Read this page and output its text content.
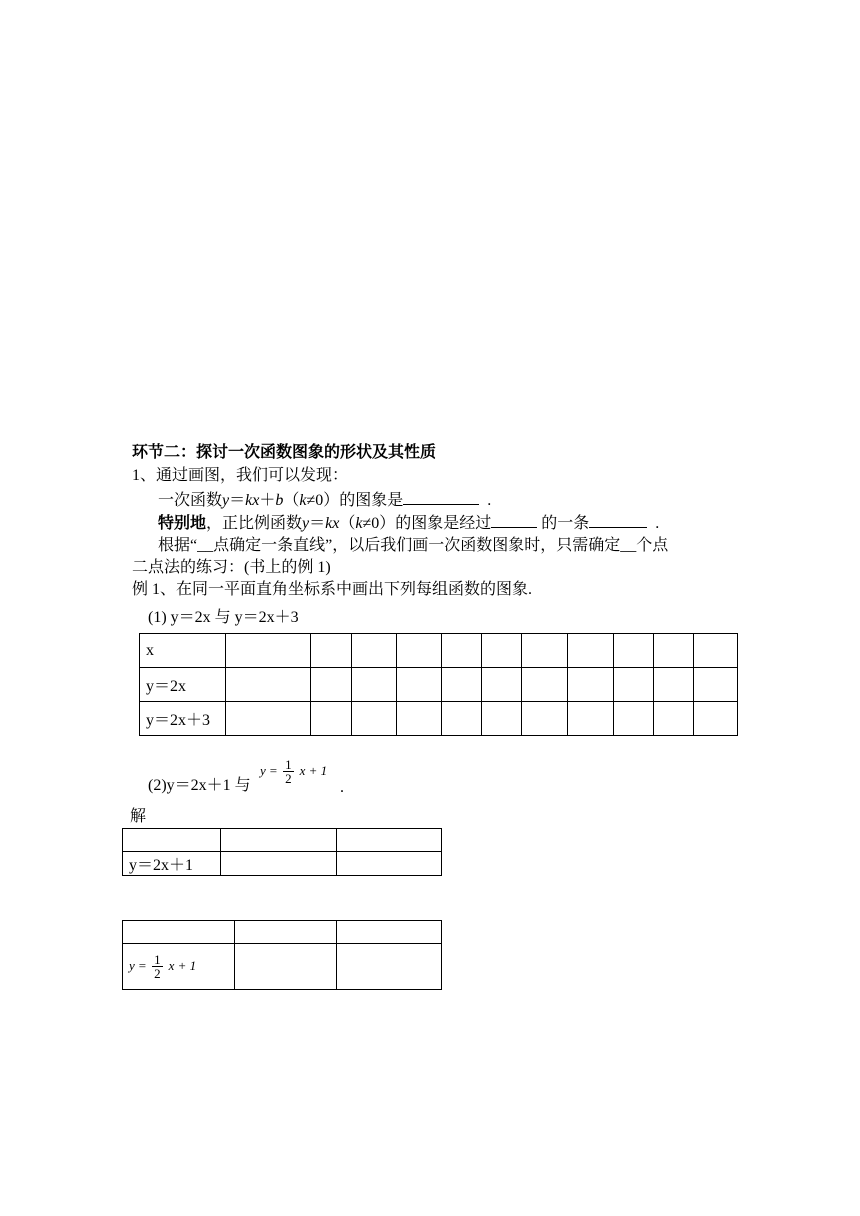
环节二：探讨一次函数图象的形状及其性质
1、通过画图，我们可以发现：
一次函数y＝kx＋b（k≠0）的图象是	.
特别地，正比例函数y＝kx（k≠0）的图象是经过	的一条	.
根据“__点确定一条直线”，以后我们画一次函数图象时，只需确定__个点
二点法的练习：(书上的例 1)
例 1、在同一平面直角坐标系中画出下列每组函数的图象.
(1) y＝2x 与 y＝2x＋3
x											
y＝2x											
y＝2x＋3											
(2)y＝2x＋1 与
$y = \frac{1}{2}$ x + 1
.
解

y＝2x＋1		

$y = \frac{1}{2}$ x + 1		
